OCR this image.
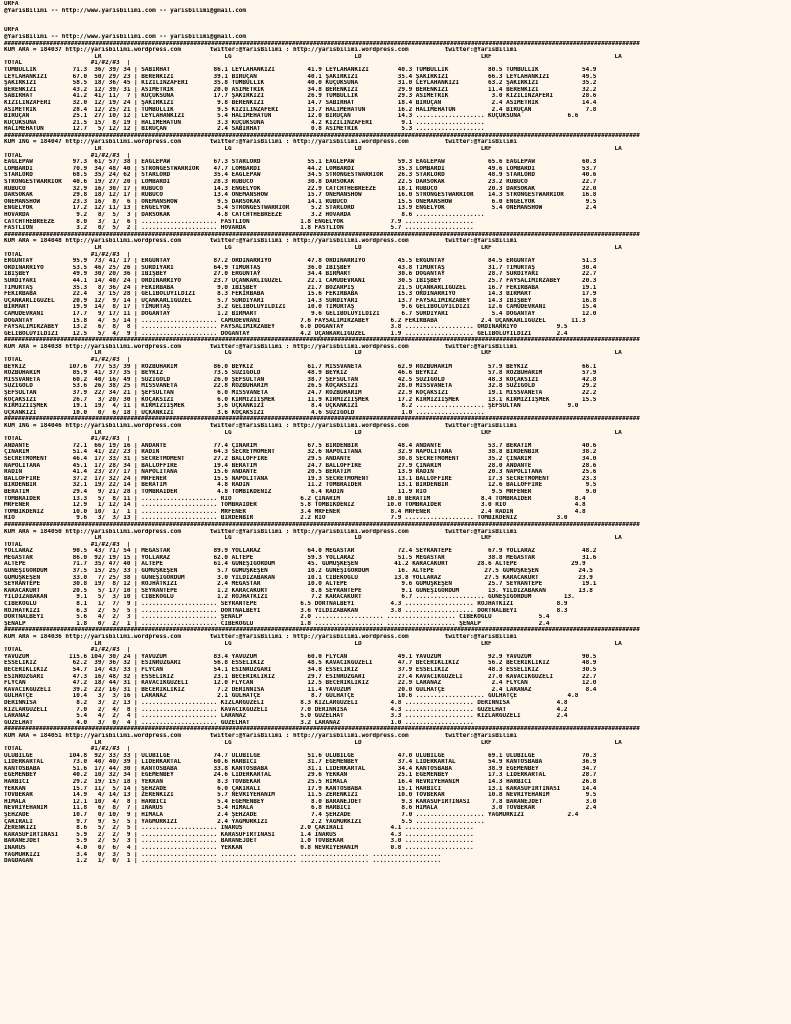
URFA
@YarisBilimi -- http://www.yarisbilimi.com -- yarisbilimi@gmail.com
URFA
@YarisBilimi -- http://www.yarisbilimi.com -- yarisbilimi@gmail.com
#####################################################################################################################################################################################
KUM ARA = 184037 http://yarisbilimi.wordpress.com        twitter:@YarisBilimi : http://yarisbilimi.wordpress.com          twitter:@YarisBilimi
LR                                  LG                                  LD                                 LRF                                  LA
TOTAL                   #1/#2/#3  |
TUMBULLIK          71.3  36/ 39/ 34 | SABIRHAT            86.1 LEYLAHANKIZI         41.9 LEYLAHANKIZI        40.3 TUMBULLIK           80.5 TUMBULLIK            54.9
LEYLAHANKIZI       67.0  50/ 29/ 23 | BERENKIZI           39.1 BIRUÇAN              40.1 ŞAKIRKIZI           35.4 ŞAKIRKIZI           66.3 LEYLAHANKIZI         49.5
ŞAKIRKIZI          58.5  18/ 36/ 45 | KIZILINZAFERİ       35.8 TUMBULLIK            40.0 KUÇUKSUNA           31.0 LEYLAHANKIZI        63.2 ŞAKIRKIZI            35.2
BERENKIZI          43.2  12/ 39/ 31 | ASİMETRİK           20.0 ASİMETRİK            34.8 BERENKIZI           29.9 BERENKIZI           11.4 BERENKIZI            32.2
SABIRHAT           41.2  41/ 11/  7 | KUÇUKSUNA           17.7 ŞAKIRKIZI            26.9 TUMBULLIK           29.3 ASİMETRİK            3.0 KIZILINZAFERİ        28.6
KIZILINZAFERİ      32.0  12/ 19/ 24 | ŞAKIRKIZI            9.8 BERENKIZI            14.7 SABIRHAT            18.4 BIRUÇAN              2.4 ASİMETRİK            14.4
ASİMETRİK          28.4  12/ 25/ 21 | TUMBULLIK            9.5 KIZILINZAFERİ        13.7 HALİMEHATUN         16.2 HALİMEHATUN          2.4 BIRUÇAN               7.8
BIRUÇAN            25.1  27/ 10/ 12 | LEYLAHANKIZI         5.4 HALİMEHATUN          12.0 BIRUÇAN             14.3 ................... KUÇUKSUNA             6.6
KUÇUKSUNA          21.5  15/  8/ 19 | HALİMEHATUN          3.3 KUÇUKSUNA             4.2 KIZILINZAFERİ        9.1 ...................
HALİMEHATUN        12.7   5/ 12/ 12 | BIRUÇAN              2.4 SABIRHAT              0.8 ASİMETRİK            5.3 ...................
#####################################################################################################################################################################################
KUM ING = 184047 http://yarisbilimi.wordpress.com        twitter:@YarisBilimi : http://yarisbilimi.wordpress.com          twitter:@YarisBilimi
LR                                  LG                                  LD                                 LRF                                  LA
TOTAL                   #1/#2/#3  |
EAGLEPAW           97.3  61/ 57/ 38 | EAGLEPAW            67.3 STARLORD             55.1 EAGLEPAW            59.3 EAGLEPAW            65.6 EAGLEPAW             60.3
LOMBARDI           70.9  34/ 48/ 40 | STRONGESTWARRIOR    47.7 LOMBARDI             44.2 LOMBARDI            35.3 LOMBARDI            49.6 LOMBARDI             53.7
STARLORD           68.5  35/ 24/ 62 | STARLORD            35.4 EAGLEPAW             34.5 STRONGESTWARRIOR    26.3 STARLORD            48.9 STARLORD             40.6
STRONGESTWARRIOR   40.6  19/ 27/ 20 | LOMBARDI            28.3 RUBUCO               30.8 DARSOKAK            22.5 DARSOKAK            23.2 RUBUCO               22.7
RUBUCO             32.9  16/ 30/ 17 | RUBUCO              14.3 ENGELYOK             22.9 CATCHTHEBREEZE      18.1 RUBUCO              20.3 DARSOKAK             22.0
DARSOKAK           29.8  18/ 12/ 17 | RUBUCO              13.4 ONEMANSHOW           15.7 ONEMANSHOW          16.0 STRONGESTWARRIOR    14.3 STRONGESTWARRIOR     16.8
ONEMANSHOW         23.3  16/  8/  6 | ONEMANSHOW           9.5 DARSOKAK             14.1 RUBUCO              15.5 ONEMANSHOW           6.0 ENGELYOK              9.5
ENGELYOK           17.2  12/ 11/ 13 | ENGELYOK             5.4 STRONGESTWARRIOR      5.2 STARLORD            13.9 ENGELYOK             5.4 ONEMANSHOW            2.4
HOVARDA             9.2   8/  5/  3 | DARSOKAK             4.8 CATCHTHEBREEZE        3.2 HOVARDA              8.6 ...................
CATCHTHEBREEZE      8.0   3/  1/  6 | ..................... FASTLION              1.8 ENGELYOK             7.9 ...................
FASTLION            3.2   0/  5/  2 | ..................... HOVARDA               1.8 FASTLION             5.7 ...................
#####################################################################################################################################################################################
KUM ARA = 184048 http://yarisbilimi.wordpress.com        twitter:@YarisBilimi : http://yarisbilimi.wordpress.com          twitter:@YarisBilimi
LR                                  LG                                  LD                                 LRF                                  LA
TOTAL                   #1/#2/#3  |
ERGÜNTAY           95.9  73/ 41/ 17 | ERGÜNTAY            87.2 ORDİNARRİYO          47.8 ORDİNARRİYO         45.5 ERGÜNTAY            84.5 ERGÜNTAY             51.3
ORDİNARRİYO        53.5  46/ 25/ 26 | SURDİYARI           64.9 TIMURTAŞ             36.0 İBİŞBEY             43.8 TIMURTAŞ            31.7 TIMURTAŞ             30.4
İBİŞBEY            49.9  30/ 20/ 36 | İBİŞBEY             27.0 ERGÜNTAY             34.4 BIRMART             30.6 DOĞANTAY            28.7 SURDİYARI            22.7
SURDİYARI          44.1  14/ 40/ 24 | ORDİNARRİYO         23.7 UÇANKARLIGÜZEL       22.1 CAMÜDEVRANI         30.5 İBİŞBEY             25.7 FAYSALIMIRZABEY      20.3
TIMURTAŞ           35.3   8/ 36/ 24 | FEKIRBABA            9.0 İBİŞBEY              21.7 BOZARPIŞ            21.5 UÇANKARLIGÜZEL      16.7 FEKIRBABA            19.1
FEKIRBABA          22.4   3/ 15/ 28 | GELİBOLUYILDIZI      8.3 FEKIRBABA            15.6 FEKIRBABA           15.3 ORDİNARRİYO         14.3 BIRMART              17.9
UÇANKARLIGÜZEL     20.9  12/  9/ 14 | UÇANKARLIGÜZEL       5.7 SURDİYARI            14.3 SURDİYARI           13.7 FAYSALIMIRZABEY     14.3 İBİŞBEY              16.8
BIRMART            19.9  14/  8/ 17 | TIMURTAŞ             3.2 GELİBOLUYILDIZI      10.0 TIMURTAŞ             9.6 GELİBOLUYILDIZI     12.6 CAMÜDEVRANI          15.4
CAMÜDEVRANI        17.7   9/ 17/ 11 | DOĞANTAY             1.2 BIRMART               9.6 GELİBOLUYILDIZI      6.7 SURDİYARI            5.4 DOĞANTAY             12.0
DOĞANTAY           15.8   4/  5/ 14 | ..................... CAMÜDEVRANI           7.6 FAYSALIMIRZABEY      6.2 FEKIRBABA            2.4 UÇANKARLIGÜZEL       11.3
FAYSALIMIRZABEY    13.2   6/  8/  8 | ..................... FAYSALIMIRZABEY       6.0 DOĞANTAY             3.8 ................... ORDİNARRİYO           9.5
GELİBOLUYILDIZI    12.5   5/  4/  9 | ..................... DOĞANTAY              4.2 UÇANKARLIGÜZEL       1.9 ................... GELİBOLUYILDIZI       2.4
#####################################################################################################################################################################################
KUM ARA = 184038 http://yarisbilimi.wordpress.com        twitter:@YarisBilimi : http://yarisbilimi.wordpress.com          twitter:@YarisBilimi
LR                                  LG                                  LD                                 LRF                                  LA
TOTAL                   #1/#2/#3  |
BEYKIZ            107.6  77/ 53/ 39 | ROZBUHARIM          86.0 BEYKIZ               61.7 MISSVANETA          62.9 ROZBUHARIM          57.9 BEYKIZ               66.1
ROZBUHARIM         85.9  41/ 37/ 35 | BEYKIZ              73.5 SÜZİGOLD             48.9 BEYKIZ              46.6 BEYKIZ              57.8 ROZBUHARIM           57.9
MISSVANETA         60.2  40/ 16/ 49 | SÜZİGOLD            26.0 ŞEFSULTAN            38.7 ŞEFSULTAN           42.5 SÜZİGOLD            48.3 KOÇAKSIZI            42.8
SÜZİGOLD           53.6  26/ 38/ 25 | MISSVANETA          22.8 ROZBUHARIM           26.5 KOÇAKSIZI           28.0 MISSVANETA          32.8 SÜZİGOLD             29.2
ŞEFSULTAN          37.9  22/ 34/ 21 | ŞEFSULTAN            6.0 MISSVANETA           24.7 ROZBUHARIM          22.9 KOÇAKSIZI           19.1 MISSVANETA           22.2
KOÇAKSIZI          26.7   3/ 20/ 30 | KOÇAKSIZI            6.0 KIRMIZIİŞMEK         11.9 KIRMIZIİŞMEK        17.2 KIRMIZIİŞMEK        13.1 KIRMIZIİŞMEK         15.5
KIRMIZIİŞMEK       19.1  19/  4/ 11 | KIRMIZIİŞMEK         3.6 UÇKANKIZI             8.4 UÇKANKIZI            8.2 ................... ŞEFSULTAN             9.0
UÇKANKIZI          10.0   0/  6/ 18 | UÇKANKIZI            3.6 KOÇAKSIZI             4.6 SÜZİGOLD             1.0 ...................
#####################################################################################################################################################################################
KUM ING = 184046 http://yarisbilimi.wordpress.com        twitter:@YarisBilimi : http://yarisbilimi.wordpress.com          twitter:@YarisBilimi
LR                                  LG                                  LD                                 LRF                                  LA
TOTAL                   #1/#2/#3  |
ANDANTE            72.1  66/ 19/ 16 | ANDANTE             77.4 ÇINARIM              67.5 BİRDENBİR           48.4 ANDANTE             53.7 BERATIM              40.6
ÇINARIM            51.4  41/ 22/ 23 | RADİN               64.3 SECRETMOMENT         32.6 NAPOLITANA          32.9 NAPOLITANA          38.8 BİRDENBİR            38.2
SECRETMOMENT       46.4  17/ 33/ 31 | SECRETMOMENT        27.2 BALLOFFİRE           29.5 ANDANTE             30.8 SECRETMOMENT        35.2 ÇINARIM              34.0
NAPOLITANA         45.1  17/ 28/ 34 | BALLOFFİRE          19.4 BERATIM              24.7 BALLOFFİRE          27.9 ÇINARIM             28.0 ANDANTE              28.6
RADİN              41.4  23/ 27/ 17 | NAPOLITANA          15.6 ANDANTE              20.5 BERATIM             13.9 RADİN               20.3 NAPOLITANA           25.6
BALLOFFİRE         37.2  17/ 32/ 24 | MRFENER             15.5 NAPOLITANA           19.3 SECRETMOMENT        13.1 BALLOFFİRE          17.3 SECRETMOMENT         23.3
BİRDENBİR          32.1  19/ 22/ 14 | BERATIM              4.8 RADİN                11.2 TOMBRAIDER          13.1 BİRDENBİR           12.6 BALLOFFİRE            9.5
BERATIM            29.4   9/ 21/ 28 | TOMBRAIDER           4.8 TOMBİKDENİZ           6.4 RADİN               11.9 RIO                  9.5 MRFENER               9.0
TOMBRAIDER         13.3   5/  8/ 11 | ..................... RIO                   6.2 ÇINARIM             10.8 BERATIM              8.4 TOMBRAIDER            8.4
MRFENER            12.9   1/ 12/ 14 | ..................... TOMBRAIDER            5.8 TOMBİKDENİZ         10.0 TOMBRAIDER           3.0 RIO                   4.8
TOMBİKDENİZ        10.0  10/  1/  1 | ..................... MRFENER               3.4 MRFENER              8.4 MRFENER              2.4 RADİN                 4.8
RIO                 9.6   3/  3/ 13 | ..................... BİRDENBİR             2.2 RIO                  7.9 ................... TOMBİKDENİZ           3.0
#####################################################################################################################################################################################
KUM ARA = 184050 http://yarisbilimi.wordpress.com        twitter:@YarisBilimi : http://yarisbilimi.wordpress.com          twitter:@YarisBilimi
LR                                  LG                                  LD                                 LRF                                  LA
TOTAL                   #1/#2/#3  |
YOLLARAZ           90.5  43/ 71/ 54 | MEGASTAR            89.9 YOLLARAZ             64.0 MEGASTAR            72.4 SEYRANTEPE          67.9 YOLLARAZ             48.2
MEGASTAR           86.0  92/ 19/ 15 | YOLLARAZ            62.0 ALTEPE               59.3 YOLLARAZ            51.5 MEGASTAR            38.8 MEGASTAR             31.6
ALTEPE             71.7  35/ 47/ 40 | ALTEPE              61.4 GÜNEŞIGÖRDÜM         45. GÜMÜŞKEŞEN          41.2 KARACAKURT        28.6 ALTEPE               29.9
GÜNEŞIGÖRDÜM       37.5  15/ 25/ 33 | GÜMÜŞKEŞEN           5.7 GÜMÜŞKEŞEN           10.2 GÜNEŞIGÖRDÜM        16. ALTEPE              27.5 GÜMÜŞKEŞEN           24.5
GÜMÜŞKEŞEN         33.0   7/ 25/ 38 | GÜNEŞIGÖRDÜM         3.0 YILDIZABAKAN         10.1 CİBEKOĞLU          13.8 YOLLARAZ            27.5 KARACAKURT           23.9
SEYRANTEPE         30.8  19/  8/ 12 | ROJHATKIZI           2.4 MEGASTAR             10.0 ALTEPE               9.6 GÜMÜŞKEŞEN          25.7 SEYRANTEPE           19.1
KARACAKURT         20.5   5/ 17/ 10 | SEYRANTEPE           1.2 KARACAKURT            8.8 SEYRANTEPE           9.1 GÜNEŞIGÖRDÜM        13. YILDIZABAKAN         13.8
YILDIZABAKAN        9.1   5/  3/ 10 | CİBEKOĞLU            1.2 ROJHATKIZI            7.2 KARACAKURT           6.7 ................... GÜNEŞIGÖRDÜM         13.
CİBEKOĞLU           8.1   1/  7/  9 | ..................... SEYRANTEPE            6.5 DORTNALBEYİ          4.3 ................... ROJHATKIZI            8.9
ROJHATKIZI          6.3   2/  5/  5 | ..................... DORTNALBEYİ           3.6 YILDIZABAKAN         3.8 ................... DORTNALBEYİ           8.3
DORTNALBEYİ         5.6   4/  2/  3 | ..................... ŞENALP                2.0 ................... ................... CİBEKOĞLU             5.4
ŞENALP              1.8   0/  2/  1 | ..................... CİBEKOĞLU             1.8 ................... ................... ŞENALP                2.4
#####################################################################################################################################################################################
KUM ARA = 184036 http://yarisbilimi.wordpress.com        twitter:@YarisBilimi : http://yarisbilimi.wordpress.com          twitter:@YarisBilimi
LR                                  LG                                  LD                                 LRF                                  LA
TOTAL                   #1/#2/#3  |
YAVUZUM           115.6 104/ 30/ 24 | YAVUZUM             83.4 YAVUZUM              60.0 FLYCAN              49.1 YAVUZUM             92.9 YAVUZUM              90.5
ESSELİKIZ          62.2  39/ 36/ 32 | ESİNRÜZGARI         56.8 ESSELİKIZ            48.5 KAVACIKGÜZELİ       47.7 BECERİKLİKIZ        56.2 BECERİKLİKIZ         48.9
BECERİKLİKIZ       54.7  14/ 43/ 33 | FLYCAN              54.1 ESİNRÜZGARI          34.8 ESSELİKIZ           37.9 ESSELİKIZ           48.3 ESSELİKIZ            30.5
ESİNRÜZGARI        47.3  16/ 48/ 32 | ESSELİKIZ           23.1 BECERİKLİKIZ         29.7 ESİNRÜZGARI         27.4 KAVACIKGÜZELİ       27.0 KAVACIKGÜZELİ        22.7
FLYCAN             47.2  18/ 44/ 31 | KAVACIKGÜZELİ       12.0 FLYCAN               12.5 BECERİKLİKIZ        22.9 LARANAZ              2.4 FLYCAN               12.0
KAVACIKGÜZELİ      39.2  22/ 16/ 31 | BECERİKLİKIZ         7.2 DERİNNİSA            11.4 YAVUZUM             20.0 GÜLHATÇE             2.4 LARANAZ               8.4
GÜLHATÇE           10.4   3/  3/ 16 | LARANAZ              2.1 GÜLHATÇE              8.7 GÜLHATÇE            10.6 ................... GÜLHATÇE              4.8
DERİNNİSA           8.2   3/  2/ 13 | ..................... KIZLARGÜZELİ          8.3 KIZLARGÜZELİ         4.8 ................... DERİNNİSA             4.8
KIZLARGÜZELİ        7.0   2/  4/  8 | ..................... KAVACIKGÜZELİ         7.0 DERİNNİSA            4.3 ................... GÜZELHAT              4.2
LARANAZ             5.4   4/  2/  4 | ..................... LARANAZ               5.0 GÜZELHAT             3.3 ................... KIZLARGÜZELİ          2.4
GÜZELHAT            4.0   3/  0/  4 | ..................... GÜZELHAT              3.2 LARANAZ              1.0 ...................
#####################################################################################################################################################################################
KUM ARA = 184051 http://yarisbilimi.wordpress.com        twitter:@YarisBilimi : http://yarisbilimi.wordpress.com          twitter:@YarisBilimi
LR                                  LG                                  LD                                 LRF                                  LA
TOTAL                   #1/#2/#3  |
ULUBİLGE          104.8  92/ 33/ 33 | ULUBİLGE            74.7 ULUBİLGE             51.6 ULUBİLGE            47.0 ULUBİLGE            69.1 ULUBİLGE             70.3
LİDERKARTAL        73.0  40/ 40/ 39 | LİDERKARTAL         60.6 HARBİCİ              31.7 EGEMENBEY           37.4 LİDERKARTAL         54.9 KANTOSBABA           36.9
KANTOSBABA         51.6  17/ 44/ 30 | KANTOSBABA          33.8 KANTOSBABA           31.1 LİDERKARTAL         34.4 KANTOSBABA          38.9 EGEMENBEY            34.7
EGEMENBEY          40.2  10/ 32/ 34 | EGEMENBEY           24.6 LİDERKARTAL          29.6 YEKKAN              25.1 EGEMENBEY           17.3 LİDERKARTAL          28.7
HARBİCİ            29.2  19/ 15/ 18 | YEKKAN               8.3 TOVBEKAR             25.5 HIMALA              16.4 NEVRİYEHANIM        14.3 HARBİCİ              26.8
YEKKAN             15.7  11/  5/ 14 | ŞEHZADE              6.0 ÇAKIRALI             17.9 KANTOSBABA          15.1 HARBİCİ             13.1 KARASUFIRTINASI      14.4
TOVBEKAR           14.9   4/ 14/ 13 | ZERENKIZI            5.7 NEVRİYEHANIM         11.5 ZERENKIZI           10.0 TOVBEKAR            10.8 NEVRİYEHANIM          9.5
HIMALA             12.1  10/  4/  8 | HARBİCİ              5.4 EGEMENBEY             8.0 BARANEJDET           9.3 KARASUFIRTINASI      7.8 BARANEJDET            3.0
NEVRİYEHANIM       11.8   6/  8/  7 | İNARUS               5.4 HIMALA                6.8 HARBİCİ              8.6 HIMALA               3.0 TOVBEKAR              2.4
ŞEHZADE            10.7   0/ 10/  9 | HIMALA               2.4 ŞEHZADE               7.4 ŞEHZADE              7.0 ................... YAĞMURKIZI            2.4
ÇAKIRALI            9.7   9/  5/  5 | YAĞMURKIZI           2.4 YAĞMURKIZI            2.2 YAĞMURKIZI           5.5 ...................
ZERENKIZI           8.6   5/  2/  5 | ..................... İNARUS                2.0 ÇAKIRALI             4.1 ...................
KARASUFIRTINASI     5.9   2/  2/  9 | ..................... KARASUFIRTINASI       1.4 İNARUS               4.3 ...................
BARANEJDET          5.9   2/  5/  3 | ..................... BARANEJDET            1.0 TOVBEKAR             3.0 ...................
İNARUS              4.0   0/  6/  4 | ..................... YEKKAN                0.8 NEVRİYEHANIM         0.8 ...................
YAĞMURKIZI          3.4   0/  3/  5 | ..................... ..................... ................... ...................
DAĞDAĞAN            1.2   1/  0/  1 | ..................... ..................... ................... ...................
